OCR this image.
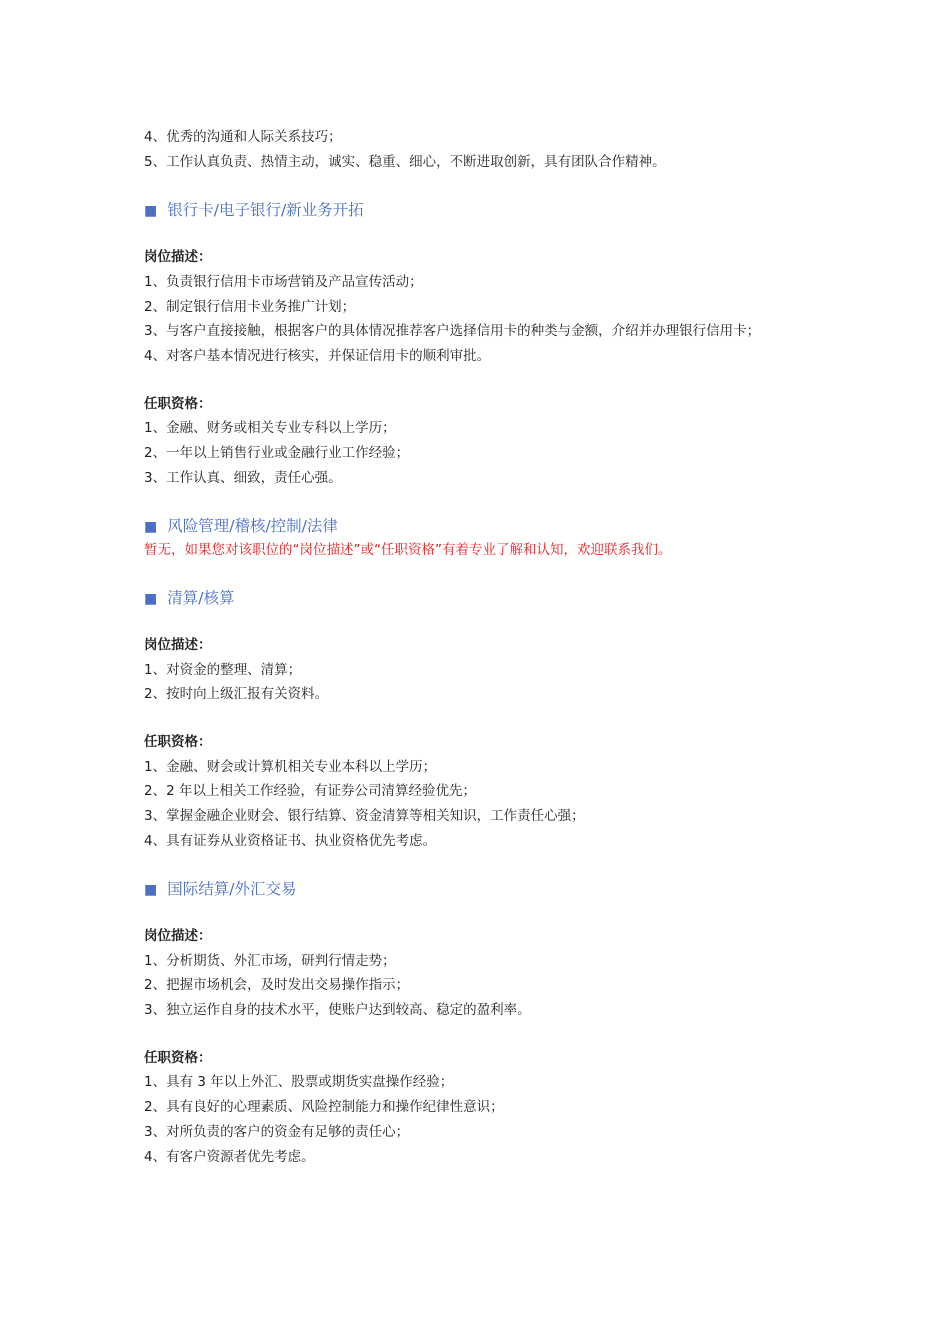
4、优秀的沟通和人际关系技巧；
5、工作认真负责、热情主动，诚实、稳重、细心，不断进取创新，具有团队合作精神。
■ 银行卡/电子银行/新业务开拓
岗位描述：
1、负责银行信用卡市场营销及产品宣传活动；
2、制定银行信用卡业务推广计划；
3、与客户直接接触，根据客户的具体情况推荐客户选择信用卡的种类与金额，介绍并办理银行信用卡；
4、对客户基本情况进行核实，并保证信用卡的顺利审批。
任职资格：
1、金融、财务或相关专业专科以上学历；
2、一年以上销售行业或金融行业工作经验；
3、工作认真、细致，责任心强。
■ 风险管理/稽核/控制/法律
暂无，如果您对该职位的“岗位描述”或“任职资格”有着专业了解和认知，欢迎联系我们。
■ 清算/核算
岗位描述：
1、对资金的整理、清算；
2、按时向上级汇报有关资料。
任职资格：
1、金融、财会或计算机相关专业本科以上学历；
2、2 年以上相关工作经验，有证券公司清算经验优先；
3、掌握金融企业财会、银行结算、资金清算等相关知识，工作责任心强；
4、具有证券从业资格证书、执业资格优先考虑。
■ 国际结算/外汇交易
岗位描述：
1、分析期货、外汇市场，研判行情走势；
2、把握市场机会，及时发出交易操作指示；
3、独立运作自身的技术水平，使账户达到较高、稳定的盈利率。
任职资格：
1、具有 3 年以上外汇、股票或期货实盘操作经验；
2、具有良好的心理素质、风险控制能力和操作纪律性意识；
3、对所负责的客户的资金有足够的责任心；
4、有客户资源者优先考虑。
